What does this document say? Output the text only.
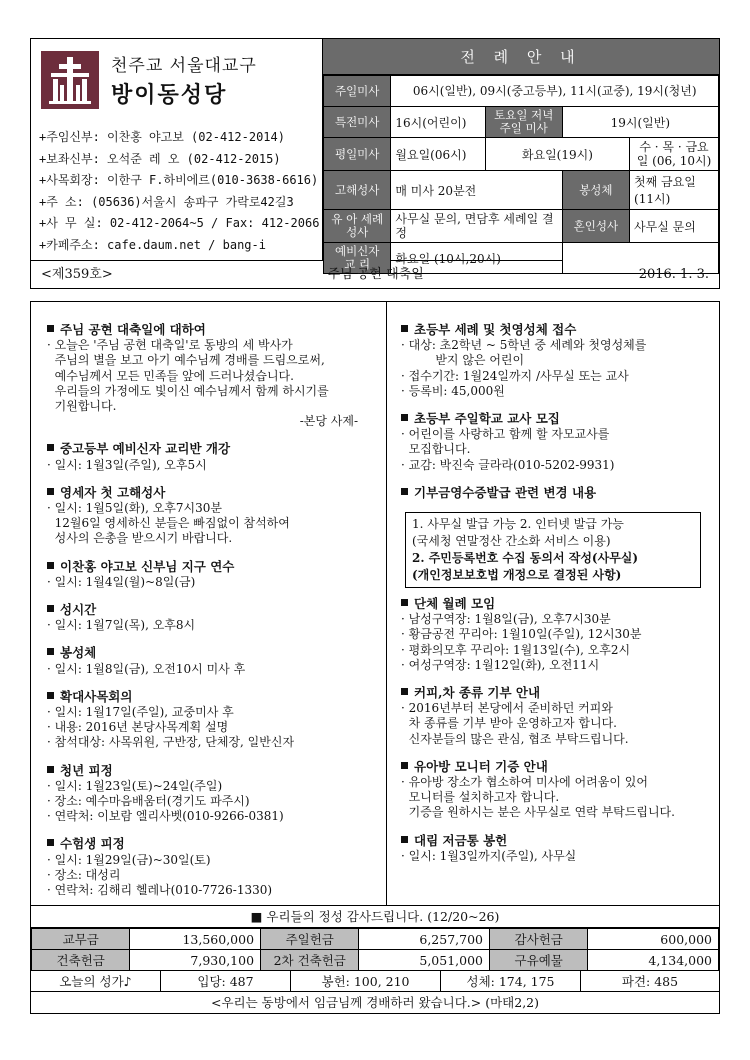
천주교 서울대교구
방이동성당
+주임신부: 이찬홍 야고보 (02-412-2014)
+보좌신부: 오석준 레 오 (02-412-2015)
+사목회장: 이한구 F.하비에르(010-3638-6616)
+주 소: (05636)서울시 송파구 가락로42길3
+사 무 실: 02-412-2064~5 / Fax: 412-2066
+카페주소: cafe.daum.net / bang-i
전 례 안 내
주일미사	06시(일반), 09시(중고등부), 11시(교중), 19시(청년)			
특전미사	16시(어린이)	토요일 저녁 주일 미사	19시(일반)	
평일미사	월요일(06시)	화요일(19시)		수 · 목 · 금요일 (06, 10시)
고해성사	매 미사 20분전		봉성체	첫째 금요일 (11시)
유 아 세례성사	사무실 문의, 면담후 세례일 결정		혼인성사	사무실 문의
예비신자 교 리	화요일 (10시,20시)			
<제359호>	주님 공현 대축일	2016. 1. 3.
주님 공현 대축일에 대하여
· 오늘은 '주님 공현 대축일'로 동방의 세 박사가
주님의 별을 보고 아기 예수님께 경배를 드림으로써,
예수님께서 모든 민족들 앞에 드러나셨습니다.
우리들의 가정에도 빛이신 예수님께서 함께 하시기를
기원합니다.
-본당 사제-
중고등부 예비신자 교리반 개강
· 일시: 1월3일(주일), 오후5시
영세자 첫 고해성사
· 일시: 1월5일(화), 오후7시30분
12월6일 영세하신 분들은 빠짐없이 참석하여
성사의 은총을 받으시기 바랍니다.
이찬홍 야고보 신부님 지구 연수
· 일시: 1월4일(월)~8일(금)
성시간
· 일시: 1월7일(목), 오후8시
봉성체
· 일시: 1월8일(금), 오전10시 미사 후
확대사목회의
· 일시: 1월17일(주일), 교중미사 후
· 내용: 2016년 본당사목계획 설명
· 참석대상: 사목위원, 구반장, 단체장, 일반신자
청년 피정
· 일시: 1월23일(토)~24일(주일)
· 장소: 예수마음배움터(경기도 파주시)
· 연락처: 이보람 엘리사벳(010-9266-0381)
수험생 피정
· 일시: 1월29일(금)~30일(토)
· 장소: 대성리
· 연락처: 김해리 헬레나(010-7726-1330)
초등부 세례 및 첫영성체 접수
· 대상: 초2학년 ~ 5학년 중 세례와 첫영성체를
받지 않은 어린이
· 접수기간: 1월24일까지 /사무실 또는 교사
· 등록비: 45,000원
초등부 주일학교 교사 모집
· 어린이를 사랑하고 함께 할 자모교사를
모집합니다.
· 교감: 박진숙 글라라(010-5202-9931)
기부금영수증발급 관련 변경 내용
1. 사무실 발급 가능 2. 인터넷 발급 가능
(국세청 연말정산 간소화 서비스 이용)
2. 주민등록번호 수집 동의서 작성(사무실)
(개인정보보호법 개정으로 결정된 사항)
단체 월례 모임
· 남성구역장: 1월8일(금), 오후7시30분
· 황금공전 꾸리아: 1월10일(주일), 12시30분
· 평화의모후 꾸리아: 1월13일(수), 오후2시
· 여성구역장: 1월12일(화), 오전11시
커피,차 종류 기부 안내
· 2016년부터 본당에서 준비하던 커피와
차 종류를 기부 받아 운영하고자 합니다.
신자분들의 많은 관심, 협조 부탁드립니다.
유아방 모니터 기증 안내
· 유아방 장소가 협소하여 미사에 어려움이 있어
모니터를 설치하고자 합니다.
기증을 원하시는 분은 사무실로 연락 부탁드립니다.
대림 저금통 봉헌
· 일시: 1월3일까지(주일), 사무실
■ 우리들의 정성 감사드립니다. (12/20~26)
교무금	13,560,000	주일헌금	6,257,700	감사헌금	600,000
건축헌금	7,930,100	2차 건축헌금	5,051,000	구유예물	4,134,000
오늘의 성가♪	입당: 487	봉헌: 100, 210	성체: 174, 175	파견: 485
<우리는 동방에서 임금님께 경배하러 왔습니다.> (마태2,2)
